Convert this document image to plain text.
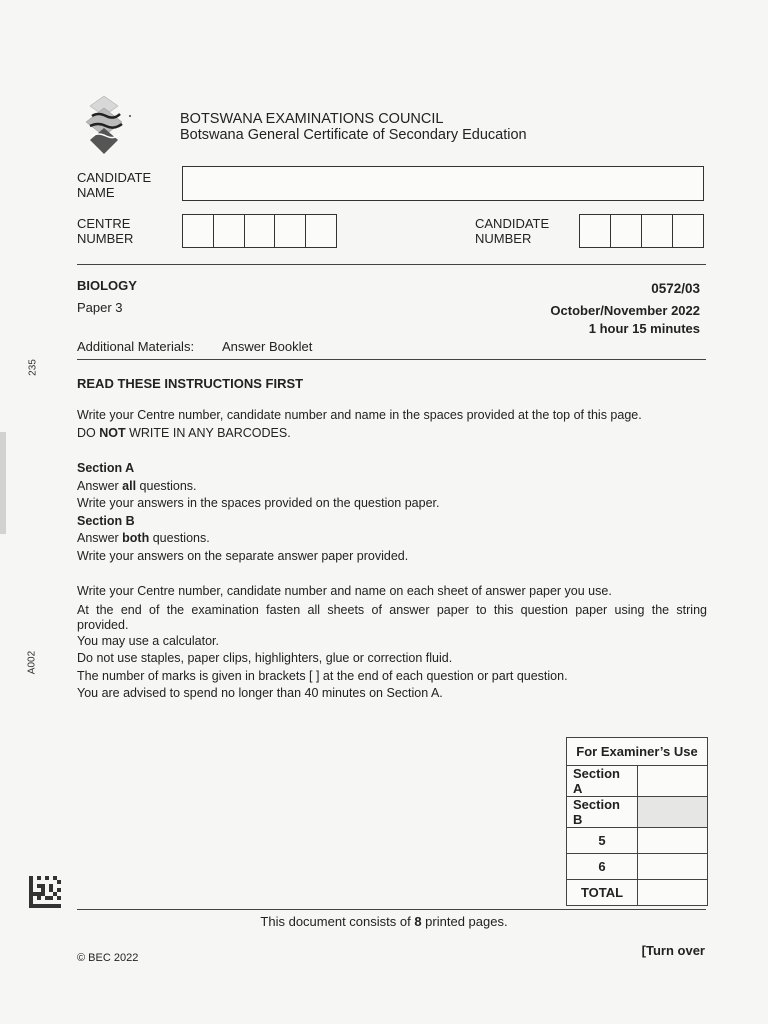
BOTSWANA EXAMINATIONS COUNCIL
Botswana General Certificate of Secondary Education
CANDIDATE
NAME
CENTRE
NUMBER
CANDIDATE
NUMBER
BIOLOGY
Paper 3
0572/03
October/November 2022
1 hour 15 minutes
Additional Materials: Answer Booklet
READ THESE INSTRUCTIONS FIRST

Write your Centre number, candidate number and name in the spaces provided at the top of this page.

DO NOT WRITE IN ANY BARCODES.

Section A

Answer all questions.

Write your answers in the spaces provided on the question paper.

Section B

Answer both questions.

Write your answers on the separate answer paper provided.

Write your Centre number, candidate number and name on each sheet of answer paper you use.

At the end of the examination fasten all sheets of answer paper to this question paper using the string

provided.

You may use a calculator.

Do not use staples, paper clips, highlighters, glue or correction fluid.

The number of marks is given in brackets [ ] at the end of each question or part question.

You are advised to spend no longer than 40 minutes on Section A.

For Examiner’s Use	
Section A	
Section B	
5	
6	
TOTAL	
This document consists of 8 printed pages.
© BEC 2022	[Turn over
235
A002
